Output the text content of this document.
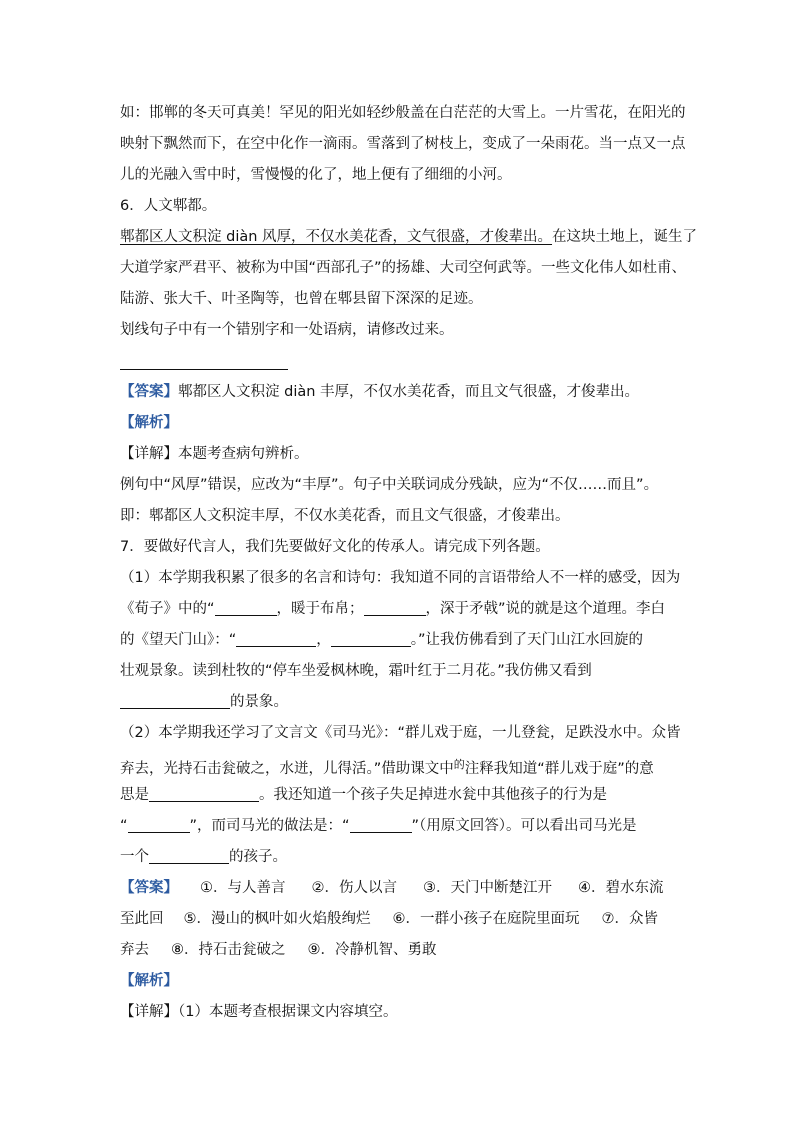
如：邯郸的冬天可真美！罕见的阳光如轻纱般盖在白茫茫的大雪上。一片雪花，在阳光的

映射下飘然而下，在空中化作一滴雨。雪落到了树枝上，变成了一朵雨花。当一点又一点

儿的光融入雪中时，雪慢慢的化了，地上便有了细细的小河。

6．人文郫都。

郫都区人文积淀 diàn 风厚，不仅水美花香，文气很盛，才俊辈出。在这块土地上，诞生了

大道学家严君平、被称为中国“西部孔子”的扬雄、大司空何武等。一些文化伟人如杜甫、

陆游、张大千、叶圣陶等，也曾在郫县留下深深的足迹。

划线句子中有一个错别字和一处语病，请修改过来。

【答案】郫都区人文积淀 diàn 丰厚，不仅水美花香，而且文气很盛，才俊辈出。

【解析】

【详解】本题考查病句辨析。

例句中“风厚”错误，应改为“丰厚”。句子中关联词成分残缺，应为“不仅……而且”。

即：郫都区人文积淀丰厚，不仅水美花香，而且文气很盛，才俊辈出。

7．要做好代言人，我们先要做好文化的传承人。请完成下列各题。

（1）本学期我积累了很多的名言和诗句：我知道不同的言语带给人不一样的感受，因为

《荀子》中的“	，暖于布帛；	，深于矛戟”说的就是这个道理。李白

的《望天门山》：“	，	。”让我仿佛看到了天门山江水回旋的

壮观景象。读到杜牧的“停车坐爱枫林晚，霜叶红于二月花。”我仿佛又看到

的景象。

（2）本学期我还学习了文言文《司马光》：“群儿戏于庭，一儿登瓮，足跌没水中。众皆

弃去，光持石击瓮破之，水迸，儿得活。”借助课文中$^的$注释我知道“群儿戏于庭”的意

思是	。我还知道一个孩子失足掉进水瓮中其他孩子的行为是

“	”，而司马光的做法是：“	”（用原文回答）。可以看出司马光是

一个	的孩子。

【答案】 ①．与人善言 ②．伤人以言 ③．天门中断楚江开 ④．碧水东流

至此回 ⑤．漫山的枫叶如火焰般绚烂 ⑥．一群小孩子在庭院里面玩 ⑦．众皆

弃去 ⑧．持石击瓮破之 ⑨．冷静机智、勇敢

【解析】

【详解】（1）本题考查根据课文内容填空。
